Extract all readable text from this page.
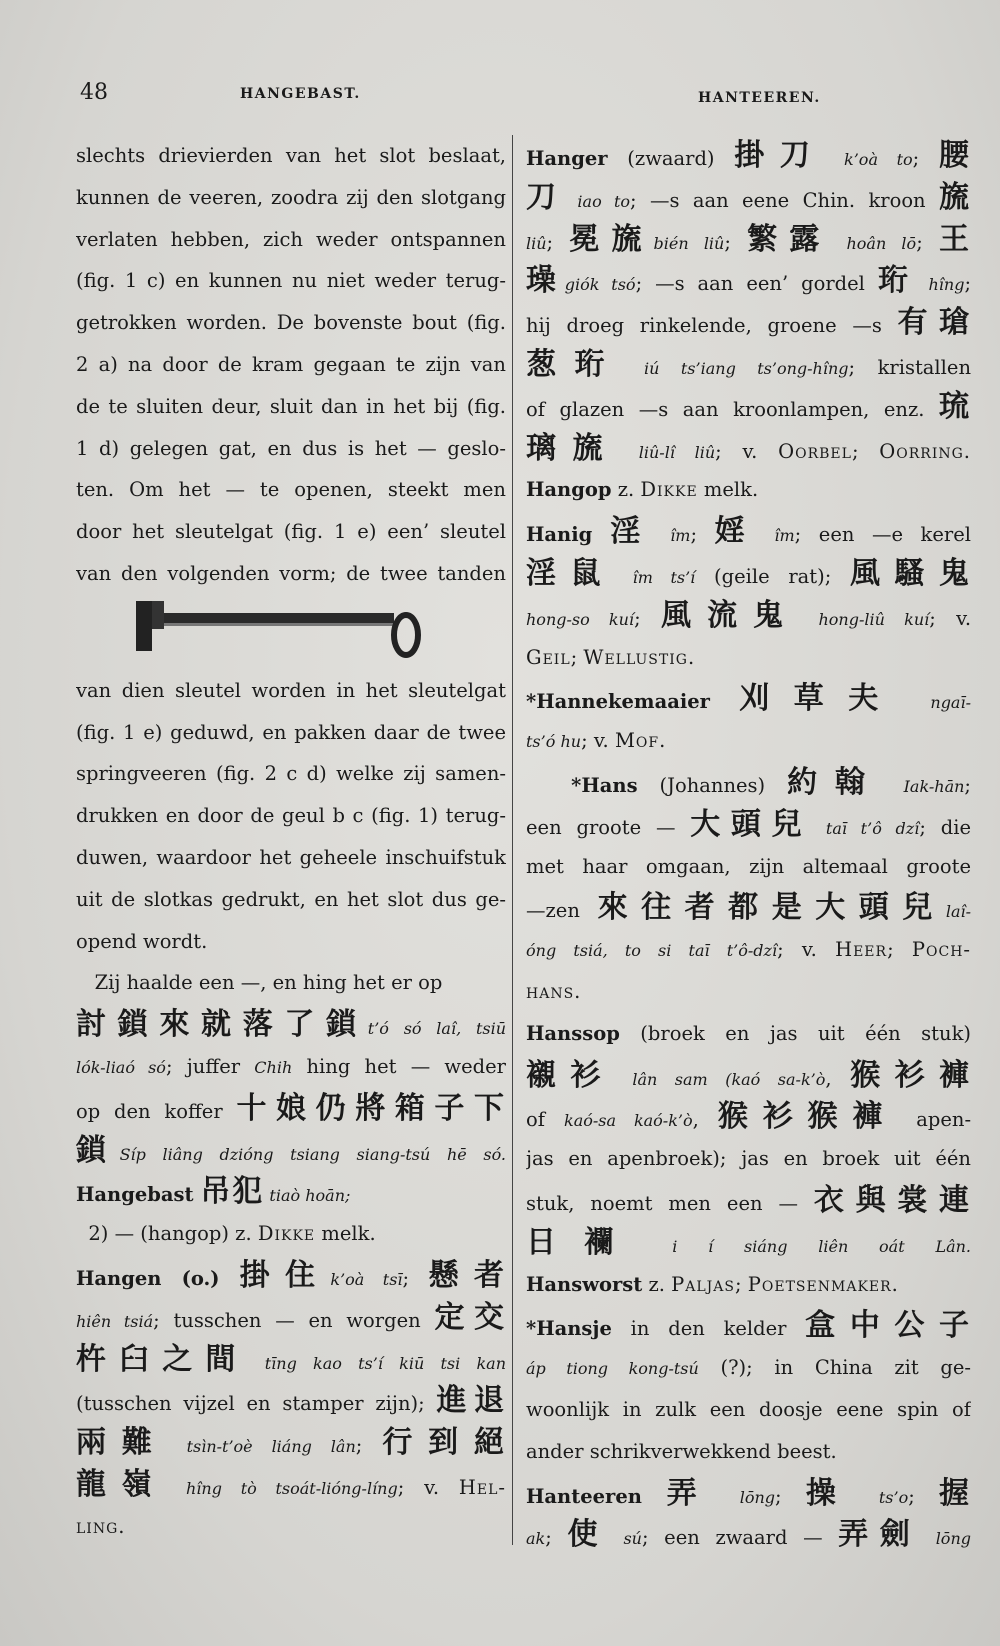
48	HANGEBAST.	HANTEEREN.
slechts drievierden van het slot beslaat,
kunnen de veeren, zoodra zij den slotgang
verlaten hebben, zich weder ontspannen
(fig. 1 c) en kunnen nu niet weder terug-
getrokken worden. De bovenste bout (fig.
2 a) na door de kram gegaan te zijn van
de te sluiten deur, sluit dan in het bij (fig.
1 d) gelegen gat, en dus is het — geslo-
ten. Om het — te openen, steekt men
door het sleutelgat (fig. 1 e) een’ sleutel
van den volgenden vorm; de twee tanden
van dien sleutel worden in het sleutelgat
(fig. 1 e) geduwd, en pakken daar de twee
springveeren (fig. 2 c d) welke zij samen-
drukken en door de geul b c (fig. 1) terug-
duwen, waardoor het geheele inschuifstuk
uit de slotkas gedrukt, en het slot dus ge-
opend wordt.
Zij haalde een —, en hing het er op
討鎖來就落了鎖t’ó só laî, tsiū
lók-liaó só; juffer Chih hing het — weder
op den koffer 十娘仍將箱子下
鎖Síp liâng dzióng tsiang siang-tsú hē só.
Hangebast 吊犯 tiaò hoān;
2) — (hangop) z. Dikke melk.
Hangen (o.) 掛住k’oà tsī; 懸者
hiên tsiá; tusschen — en worgen 定交
杵臼之間 tīng kao ts’í kiū tsi kan
(tusschen vijzel en stamper zijn); 進退
兩難 tsìn-t’oè liáng lân; 行到絕
龍嶺 hîng tò tsoát-lióng-líng; v. Hel-
ling.
Hanger (zwaard) 掛刀 k’oà to; 腰
刀 iao to; —s aan eene Chin. kroon 旒
liû; 冕旒bién liû; 繁露 hoân lō; 王
璪giók tsó; —s aan een’ gordel 珩 hîng;
hij droeg rinkelende, groene —s 有瑲
葱珩 iú ts’iang ts’ong-hîng; kristallen
of glazen —s aan kroonlampen, enz. 琉
璃旒 liû-lî liû; v. Oorbel; Oorring.
Hangop z. Dikke melk.
Hanig 淫 îm; 婬 îm; een —e kerel
淫鼠 îm ts’í (geile rat); 風騷鬼
hong-so kuí; 風流鬼 hong-liû kuí; v.
Geil; Wellustig.
*Hannekemaaier 刈草夫 ngaī-
ts’ó hu; v. Mof.
*Hans (Johannes) 約翰 Iak-hān;
een groote — 大頭兒 taī t’ô dzî; die
met haar omgaan, zijn altemaal groote
—zen 來往者都是大頭兒laî-
óng tsiá, to si taī t’ô-dzî; v. Heer; Poch-
hans.
Hanssop (broek en jas uit één stuk)
襯衫 lân sam (kaó sa-k’ò, 猴衫褲
of kaó-sa kaó-k’ò, 猴衫猴褲 apen-
jas en apenbroek); jas en broek uit één
stuk, noemt men een — 衣與裳連
日襴 i í siáng liên oát Lân.
Hansworst z. Paljas; Poetsenmaker.
*Hansje in den kelder 盒中公子
áp tiong kong-tsú (?); in China zit ge-
woonlijk in zulk een doosje eene spin of
ander schrikverwekkend beest.
Hanteeren 弄 lōng; 操 ts’o; 握
ak; 使 sú; een zwaard — 弄劍 lōng
